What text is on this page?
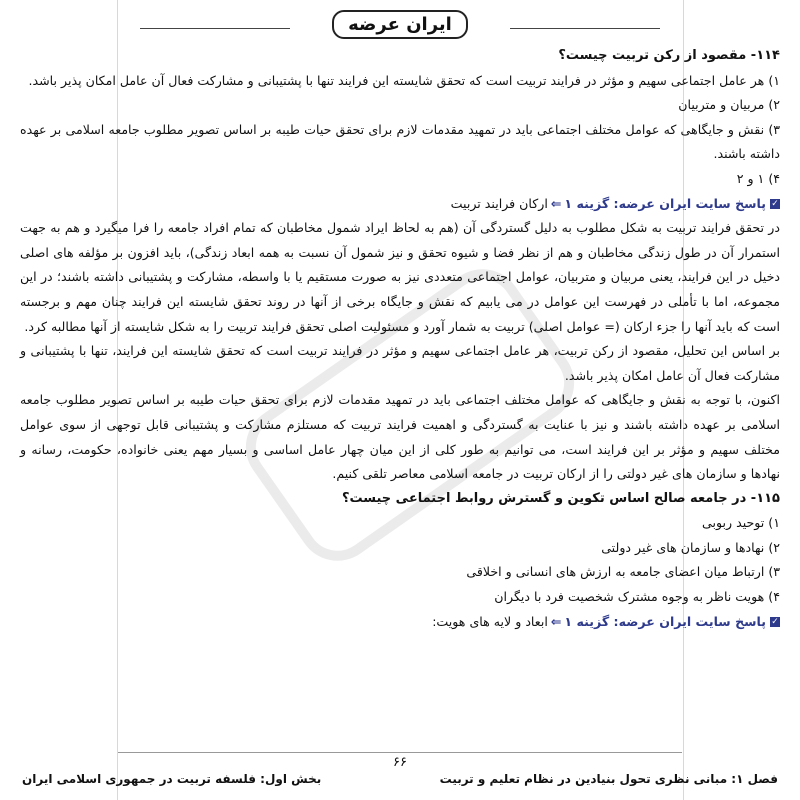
ایران عرضه

۱۱۴- مقصود از رکن تربیت چیست؟

۱) هر عامل اجتماعی سهیم و مؤثر در فرایند تربیت است که تحقق شایسته این فرایند تنها با پشتیبانی و مشارکت فعال آن عامل امکان پذیر باشد.

۲) مربیان و متربیان

۳) نقش و جایگاهی که عوامل مختلف اجتماعی باید در تمهید مقدمات لازم برای تحقق حیات طیبه بر اساس تصویر مطلوب جامعه اسلامی بر عهده داشته باشند.

۴) ۱ و ۲

✓پاسخ سایت ایران عرضه: گزینه ۱⇐ارکان فرایند تربیت

در تحقق فرایند تربیت به شکل مطلوب به دلیل گستردگی آن (هم به لحاظ ایراد شمول مخاطبان که تمام افراد جامعه را فرا میگیرد و هم به جهت استمرار آن در طول زندگی مخاطبان و هم از نظر فضا و شیوه تحقق و نیز شمول آن نسبت به همه ابعاد زندگی)، باید افزون بر مؤلفه های اصلی دخیل در این فرایند، یعنی مربیان و متربیان، عوامل اجتماعی متعددی نیز به صورت مستقیم یا با واسطه، مشارکت و پشتیبانی داشته باشند؛ در این مجموعه، اما با تأملی در فهرست این عوامل در می یابیم که نقش و جایگاه برخی از آنها در روند تحقق شایسته این فرایند چنان مهم و برجسته است که باید آنها را جزء ارکان (= عوامل اصلی) تربیت به شمار آورد و مسئولیت اصلی تحقق فرایند تربیت را به شکل شایسته از آنها مطالبه کرد.

بر اساس این تحلیل، مقصود از رکن تربیت، هر عامل اجتماعی سهیم و مؤثر در فرایند تربیت است که تحقق شایسته این فرایند، تنها با پشتیبانی و مشارکت فعال آن عامل امکان پذیر باشد.

اکنون، با توجه به نقش و جایگاهی که عوامل مختلف اجتماعی باید در تمهید مقدمات لازم برای تحقق حیات طیبه بر اساس تصویر مطلوب جامعه اسلامی بر عهده داشته باشند و نیز با عنایت به گستردگی و اهمیت فرایند تربیت که مستلزم مشارکت و پشتیبانی قابل توجهی از سوی عوامل مختلف سهیم و مؤثر بر این فرایند است، می توانیم به طور کلی از این میان چهار عامل اساسی و بسیار مهم یعنی خانواده، حکومت، رسانه و نهادها و سازمان های غیر دولتی را از ارکان تربیت در جامعه اسلامی معاصر تلقی کنیم.

۱۱۵- در جامعه صالح اساس تکوین و گسترش روابط اجتماعی چیست؟

۱) توحید ربوبی

۲) نهادها و سازمان های غیر دولتی

۳) ارتباط میان اعضای جامعه به ارزش های انسانی و اخلاقی

۴) هویت ناظر به وجوه مشترک شخصیت فرد با دیگران

✓پاسخ سایت ایران عرضه: گزینه ۱⇐ابعاد و لایه های هویت:

۶۶
فصل ۱: مبانی نظری تحول بنیادین در نظام تعلیم و تربیت
بخش اول: فلسفه تربیت در جمهوری اسلامی ایران
